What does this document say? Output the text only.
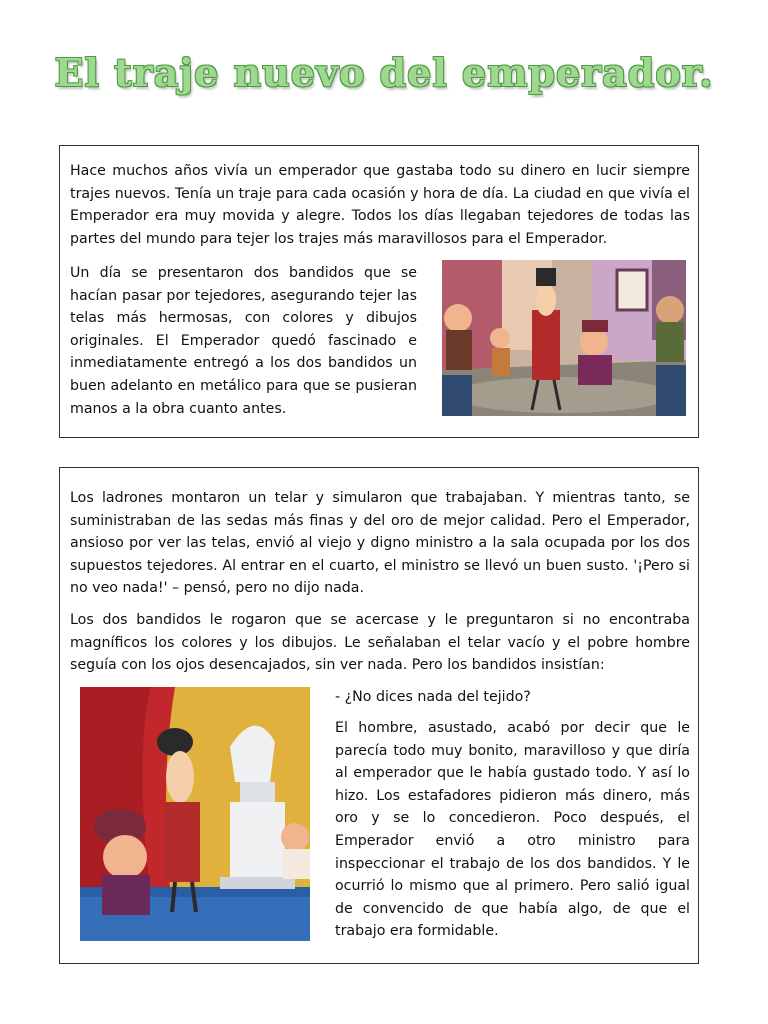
El traje nuevo del emperador.

Hace muchos años vivía un emperador que gastaba todo su dinero en lucir siempre trajes nuevos. Tenía un traje para cada ocasión y hora de día. La ciudad en que vivía el Emperador era muy movida y alegre. Todos los días llegaban tejedores de todas las partes del mundo para tejer los trajes más maravillosos para el Emperador.

Un día se presentaron dos bandidos que se hacían pasar por tejedores, asegurando tejer las telas más hermosas, con colores y dibujos originales. El Emperador quedó fascinado e inmediatamente entregó a los dos bandidos un buen adelanto en metálico para que se pusieran manos a la obra cuanto antes.

Los ladrones montaron un telar y simularon que trabajaban. Y mientras tanto, se suministraban de las sedas más finas y del oro de mejor calidad. Pero el Emperador, ansioso por ver las telas, envió al viejo y digno ministro a la sala ocupada por los dos supuestos tejedores. Al entrar en el cuarto, el ministro se llevó un buen susto. '¡Pero si no veo nada!' – pensó, pero no dijo nada.

Los dos bandidos le rogaron que se acercase y le preguntaron si no encontraba magníficos los colores y los dibujos. Le señalaban el telar vacío y el pobre hombre seguía con los ojos desencajados, sin ver nada. Pero los bandidos insistían:

- ¿No dices nada del tejido?

El hombre, asustado, acabó por decir que le parecía todo muy bonito, maravilloso y que diría al emperador que le había gustado todo. Y así lo hizo. Los estafadores pidieron más dinero, más oro y se lo concedieron. Poco después, el Emperador envió a otro ministro para inspeccionar el trabajo de los dos bandidos. Y le ocurrió lo mismo que al primero. Pero salió igual de convencido de que había algo, de que el trabajo era formidable.
